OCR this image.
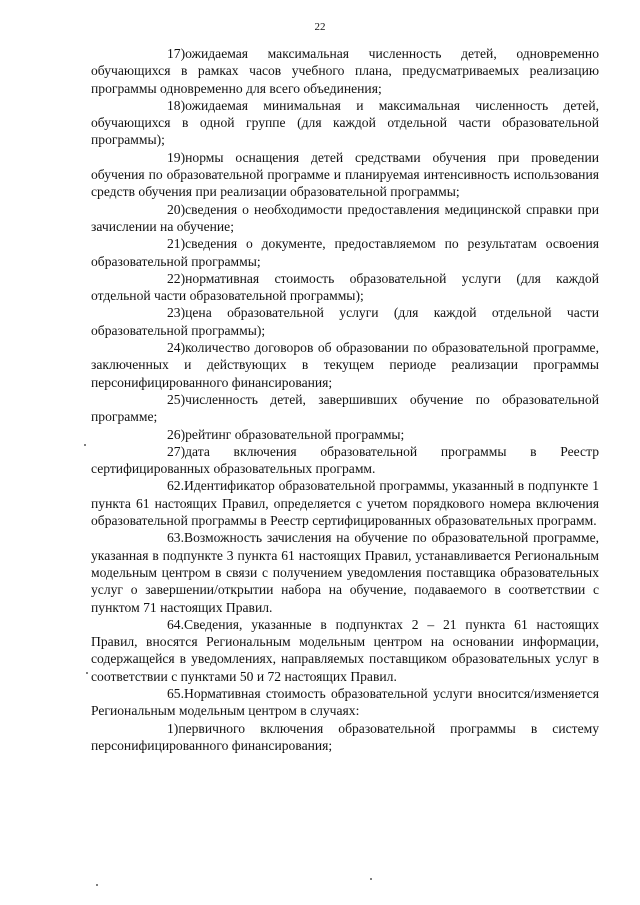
22

17)ожидаемая максимальная численность детей, одновременно обучающихся в рамках часов учебного плана, предусматриваемых реализацию программы одновременно для всего объединения;

18)ожидаемая минимальная и максимальная численность детей, обучающихся в одной группе (для каждой отдельной части образовательной программы);

19)нормы оснащения детей средствами обучения при проведении обучения по образовательной программе и планируемая интенсивность использования средств обучения при реализации образовательной программы;

20)сведения о необходимости предоставления медицинской справки при зачислении на обучение;

21)сведения о документе, предоставляемом по результатам освоения образовательной программы;

22)нормативная стоимость образовательной услуги (для каждой отдельной части образовательной программы);

23)цена образовательной услуги (для каждой отдельной части образовательной программы);

24)количество договоров об образовании по образовательной программе, заключенных и действующих в текущем периоде реализации программы персонифицированного финансирования;

25)численность детей, завершивших обучение по образовательной программе;

26)рейтинг образовательной программы;

27)дата включения образовательной программы в Реестр сертифицированных образовательных программ.

62.Идентификатор образовательной программы, указанный в подпункте 1 пункта 61 настоящих Правил, определяется с учетом порядкового номера включения образовательной программы в Реестр сертифицированных образовательных программ.

63.Возможность зачисления на обучение по образовательной программе, указанная в подпункте 3 пункта 61 настоящих Правил, устанавливается Региональным модельным центром в связи с получением уведомления поставщика образовательных услуг о завершении/открытии набора на обучение, подаваемого в соответствии с пунктом 71 настоящих Правил.

64.Сведения, указанные в подпунктах 2 – 21 пункта 61 настоящих Правил, вносятся Региональным модельным центром на основании информации, содержащейся в уведомлениях, направляемых поставщиком образовательных услуг в соответствии с пунктами 50 и 72 настоящих Правил.

65.Нормативная стоимость образовательной услуги вносится/изменяется Региональным модельным центром в случаях:

1)первичного включения образовательной программы в систему персонифицированного финансирования;
